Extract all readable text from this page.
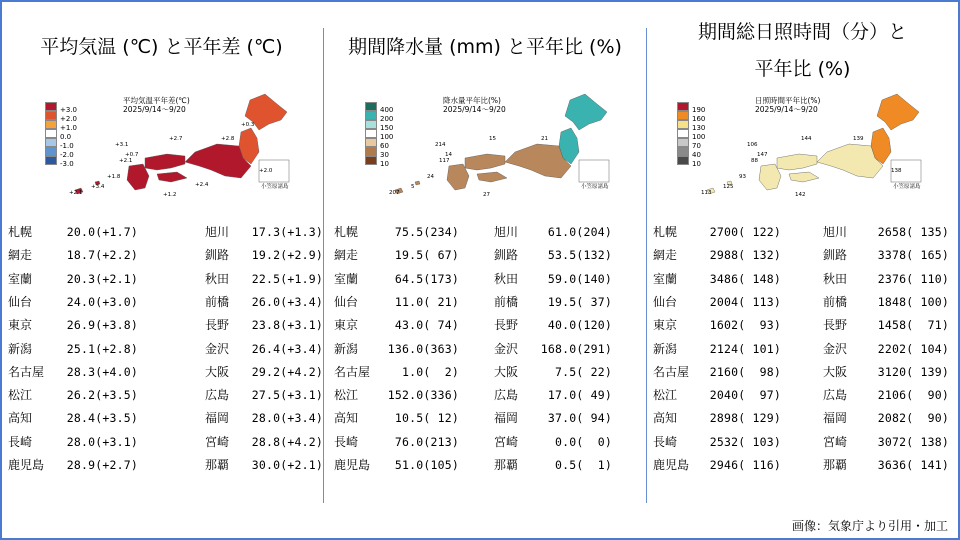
平均気温 (℃) と平年差 (℃)
+3.0
+2.0
+1.0
0.0
-1.0
-2.0
-3.0
平均気温平年差(℃)
2025/9/14～9/20
小笠原諸島
+3.1
+2.1
+1.8
+2.1
+3.4
+2.7	+2.8
+0.7
+1.2
+2.0
+0.3
+2.4
札幌	20.0(+1.7)	旭川	17.3(+1.3)
網走	18.7(+2.2)	釧路	19.2(+2.9)
室蘭	20.3(+2.1)	秋田	22.5(+1.9)
仙台	24.0(+3.0)	前橋	26.0(+3.4)
東京	26.9(+3.8)	長野	23.8(+3.1)
新潟	25.1(+2.8)	金沢	26.4(+3.4)
名古屋	28.3(+4.0)	大阪	29.2(+4.2)
松江	26.2(+3.5)	広島	27.5(+3.1)
高知	28.4(+3.5)	福岡	28.0(+3.4)
長崎	28.0(+3.1)	宮崎	28.8(+4.2)
鹿児島	28.9(+2.7)	那覇	30.0(+2.1)
期間降水量 (mm) と平年比 (%)
400
200
150
100
60
30
10
降水量平年比(%)
2025/9/14～9/20
小笠原諸島
214
117
24
207
5
15	21
14
27
札幌	75.5(234)	旭川	61.0(204)
網走	19.5( 67)	釧路	53.5(132)
室蘭	64.5(173)	秋田	59.0(140)
仙台	11.0( 21)	前橋	19.5( 37)
東京	43.0( 74)	長野	40.0(120)
新潟	136.0(363)	金沢	168.0(291)
名古屋	1.0(  2)	大阪	7.5( 22)
松江	152.0(336)	広島	17.0( 49)
高知	10.5( 12)	福岡	37.0( 94)
長崎	76.0(213)	宮崎	0.0(  0)
鹿児島	51.0(105)	那覇	0.5(  1)
期間総日照時間（分）と
平年比 (%)
190
160
130
100
70
40
10
日照時間平年比(%)
2025/9/14～9/20
小笠原諸島
106
88
93
113
125
144	139
147
142
138
札幌	2700( 122)	旭川	2658( 135)
網走	2988( 132)	釧路	3378( 165)
室蘭	3486( 148)	秋田	2376( 110)
仙台	2004( 113)	前橋	1848( 100)
東京	1602(  93)	長野	1458(  71)
新潟	2124( 101)	金沢	2202( 104)
名古屋	2160(  98)	大阪	3120( 139)
松江	2040(  97)	広島	2106(  90)
高知	2898( 129)	福岡	2082(  90)
長崎	2532( 103)	宮崎	3072( 138)
鹿児島	2946( 116)	那覇	3636( 141)
画像：気象庁より引用・加工
